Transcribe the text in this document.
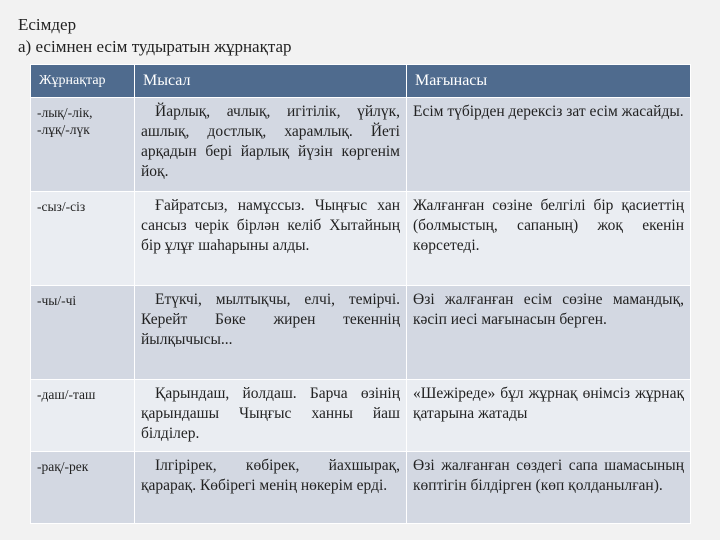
Есімдер
а) есімнен есім тудыратын жұрнақтар
Жұрнақтар	Мысал	Мағынасы
-лық/-лік, -лұқ/-лүк	Йарлық, ачлық, игітілік, үйлүк, ашлық, достлық, харамлық. Йеті арқадын бері йарлық йүзін көргенім йоқ.	Есім түбірден дерексіз зат есім жасайды.
-сыз/-сіз	Ғайратсыз, намұссыз. Чыңғыс хан сансыз черік бірлән келіб Хытайның бір ұлұғ шаһарыны алды.	Жалғанған сөзіне белгілі бір қасиеттің (болмыстың, сапаның) жоқ екенін көрсетеді.
-чы/-чі	Етүкчі, мылтықчы, елчі, темірчі. Керейт Бөке жирен текеннің йылқычысы...	Өзі жалғанған есім сөзіне мамандық, кәсіп иесі мағынасын берген.
-даш/-таш	Қарындаш, йолдаш. Барча өзінің қарындашы Чыңғыс ханны йаш білділер.	«Шежіреде» бұл жұрнақ өнімсіз жұрнақ қатарына жатады
-рақ/-рек	Ілгірірек, көбірек, йахшырақ, қарарақ. Көбірегі менің нөкерім ерді.	Өзі жалғанған сөздегі сапа шамасының көптігін білдірген (көп қолданылған).
